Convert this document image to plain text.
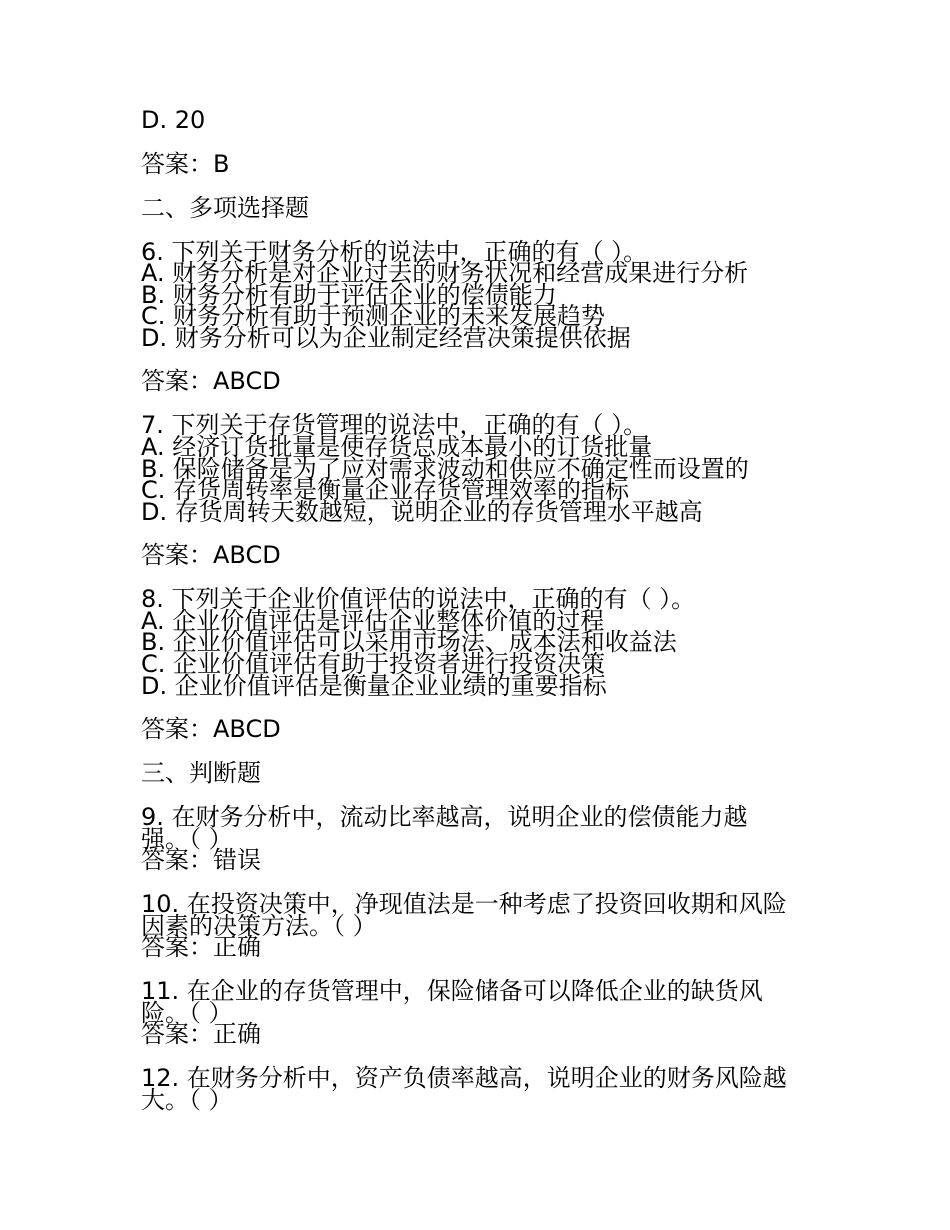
D. 20
答案：B
二、多项选择题
6. 下列关于财务分析的说法中，正确的有（ ）。
A. 财务分析是对企业过去的财务状况和经营成果进行分析
B. 财务分析有助于评估企业的偿债能力
C. 财务分析有助于预测企业的未来发展趋势
D. 财务分析可以为企业制定经营决策提供依据
答案：ABCD
7. 下列关于存货管理的说法中，正确的有（ ）。
A. 经济订货批量是使存货总成本最小的订货批量
B. 保险储备是为了应对需求波动和供应不确定性而设置的
C. 存货周转率是衡量企业存货管理效率的指标
D. 存货周转天数越短，说明企业的存货管理水平越高
答案：ABCD
8. 下列关于企业价值评估的说法中，正确的有（ ）。
A. 企业价值评估是评估企业整体价值的过程
B. 企业价值评估可以采用市场法、成本法和收益法
C. 企业价值评估有助于投资者进行投资决策
D. 企业价值评估是衡量企业业绩的重要指标
答案：ABCD
三、判断题
9. 在财务分析中，流动比率越高，说明企业的偿债能力越
强。（ ）
答案：错误
10. 在投资决策中，净现值法是一种考虑了投资回收期和风险
因素的决策方法。（ ）
答案：正确
11. 在企业的存货管理中，保险储备可以降低企业的缺货风
险。（ ）
答案：正确
12. 在财务分析中，资产负债率越高，说明企业的财务风险越
大。（ ）
